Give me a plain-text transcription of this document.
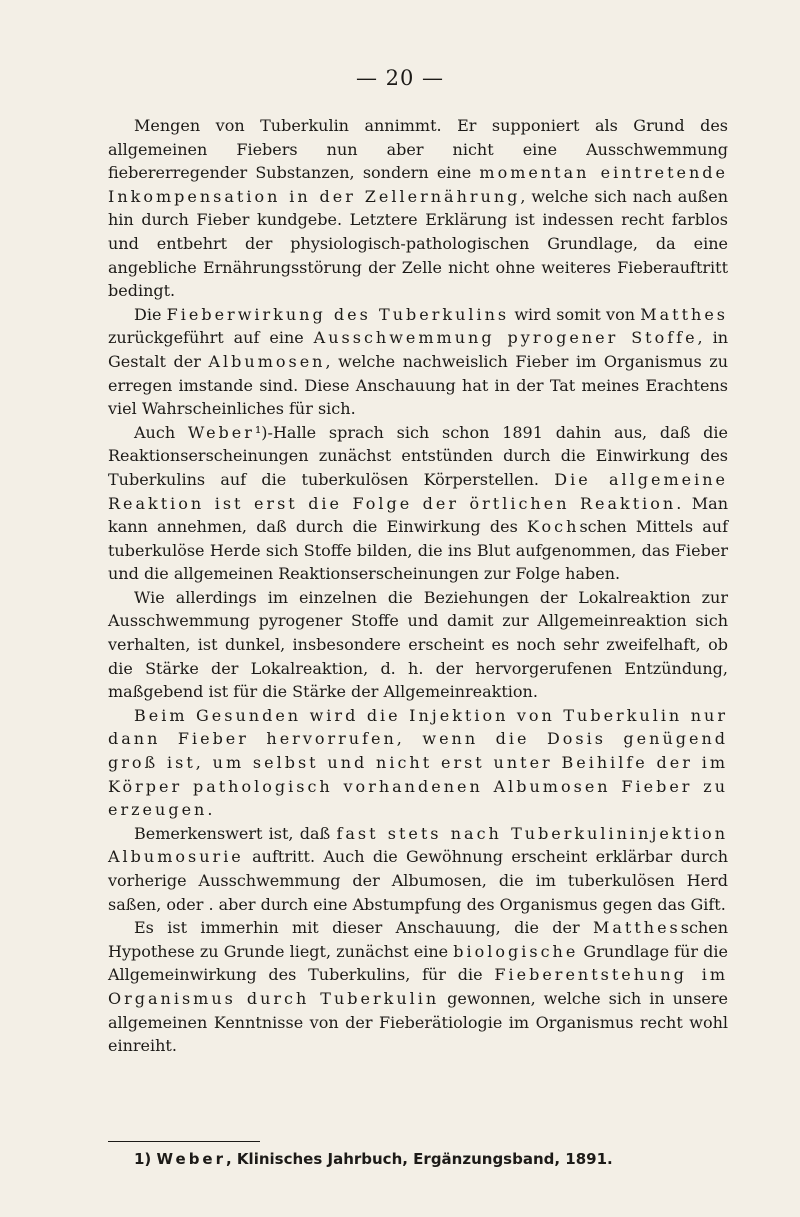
— 20 —

Mengen von Tuberkulin annimmt. Er supponiert als Grund des allgemeinen Fiebers nun aber nicht eine Ausschwemmung fiebererregender Substanzen, sondern eine momentan eintretende Inkompensation in der Zellernährung, welche sich nach außen hin durch Fieber kundgebe. Letztere Erklärung ist indessen recht farblos und entbehrt der physiologisch-pathologischen Grundlage, da eine angebliche Ernährungsstörung der Zelle nicht ohne weiteres Fieberauftritt bedingt.

Die Fieberwirkung des Tuberkulins wird somit von Matthes zurückgeführt auf eine Ausschwemmung pyrogener Stoffe, in Gestalt der Albumosen, welche nachweislich Fieber im Organismus zu erregen imstande sind. Diese Anschauung hat in der Tat meines Erachtens viel Wahrscheinliches für sich.

Auch Weber¹)-Halle sprach sich schon 1891 dahin aus, daß die Reaktionserscheinungen zunächst entstünden durch die Einwirkung des Tuberkulins auf die tuberkulösen Körperstellen. Die allgemeine Reaktion ist erst die Folge der örtlichen Reaktion. Man kann annehmen, daß durch die Einwirkung des Kochschen Mittels auf tuberkulöse Herde sich Stoffe bilden, die ins Blut aufgenommen, das Fieber und die allgemeinen Reaktionserscheinungen zur Folge haben.

Wie allerdings im einzelnen die Beziehungen der Lokalreaktion zur Ausschwemmung pyrogener Stoffe und damit zur Allgemeinreaktion sich verhalten, ist dunkel, insbesondere erscheint es noch sehr zweifelhaft, ob die Stärke der Lokalreaktion, d. h. der hervorgerufenen Entzündung, maßgebend ist für die Stärke der Allgemeinreaktion.

Beim Gesunden wird die Injektion von Tuberkulin nur dann Fieber hervorrufen, wenn die Dosis genügend groß ist, um selbst und nicht erst unter Beihilfe der im Körper pathologisch vorhandenen Albumosen Fieber zu erzeugen.

Bemerkenswert ist, daß fast stets nach Tuberkulininjektion Albumosurie auftritt. Auch die Gewöhnung erscheint erklärbar durch vorherige Ausschwemmung der Albumosen, die im tuberkulösen Herd saßen, oder . aber durch eine Abstumpfung des Organismus gegen das Gift.

Es ist immerhin mit dieser Anschauung, die der Matthesschen Hypothese zu Grunde liegt, zunächst eine biologische Grundlage für die Allgemeinwirkung des Tuberkulins, für die Fieberentstehung im Organismus durch Tuberkulin gewonnen, welche sich in unsere allgemeinen Kenntnisse von der Fieberätiologie im Organismus recht wohl einreiht.

1) Weber, Klinisches Jahrbuch, Ergänzungsband, 1891.
